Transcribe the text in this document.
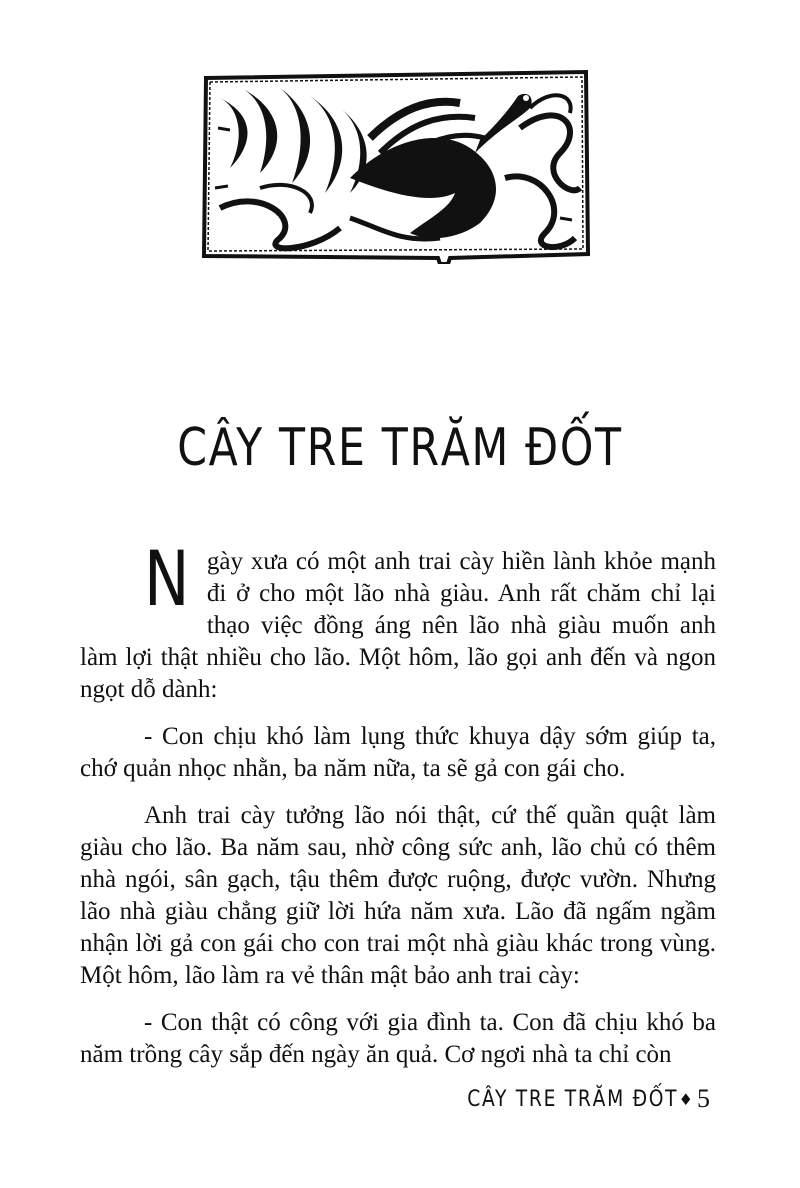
CÂY TRE TRĂM ĐỐT

Ngày xưa có một anh trai cày hiền lành khỏe mạnh đi ở cho một lão nhà giàu. Anh rất chăm chỉ lại thạo việc đồng áng nên lão nhà giàu muốn anh làm lợi thật nhiều cho lão. Một hôm, lão gọi anh đến và ngon ngọt dỗ dành:

- Con chịu khó làm lụng thức khuya dậy sớm giúp ta, chớ quản nhọc nhằn, ba năm nữa, ta sẽ gả con gái cho.

Anh trai cày tưởng lão nói thật, cứ thế quần quật làm giàu cho lão. Ba năm sau, nhờ công sức anh, lão chủ có thêm nhà ngói, sân gạch, tậu thêm được ruộng, được vườn. Nhưng lão nhà giàu chẳng giữ lời hứa năm xưa. Lão đã ngấm ngầm nhận lời gả con gái cho con trai một nhà giàu khác trong vùng. Một hôm, lão làm ra vẻ thân mật bảo anh trai cày:

- Con thật có công với gia đình ta. Con đã chịu khó ba năm trồng cây sắp đến ngày ăn quả. Cơ ngơi nhà ta chỉ còn

CÂY TRE TRĂM ĐỐT ♦ 5
